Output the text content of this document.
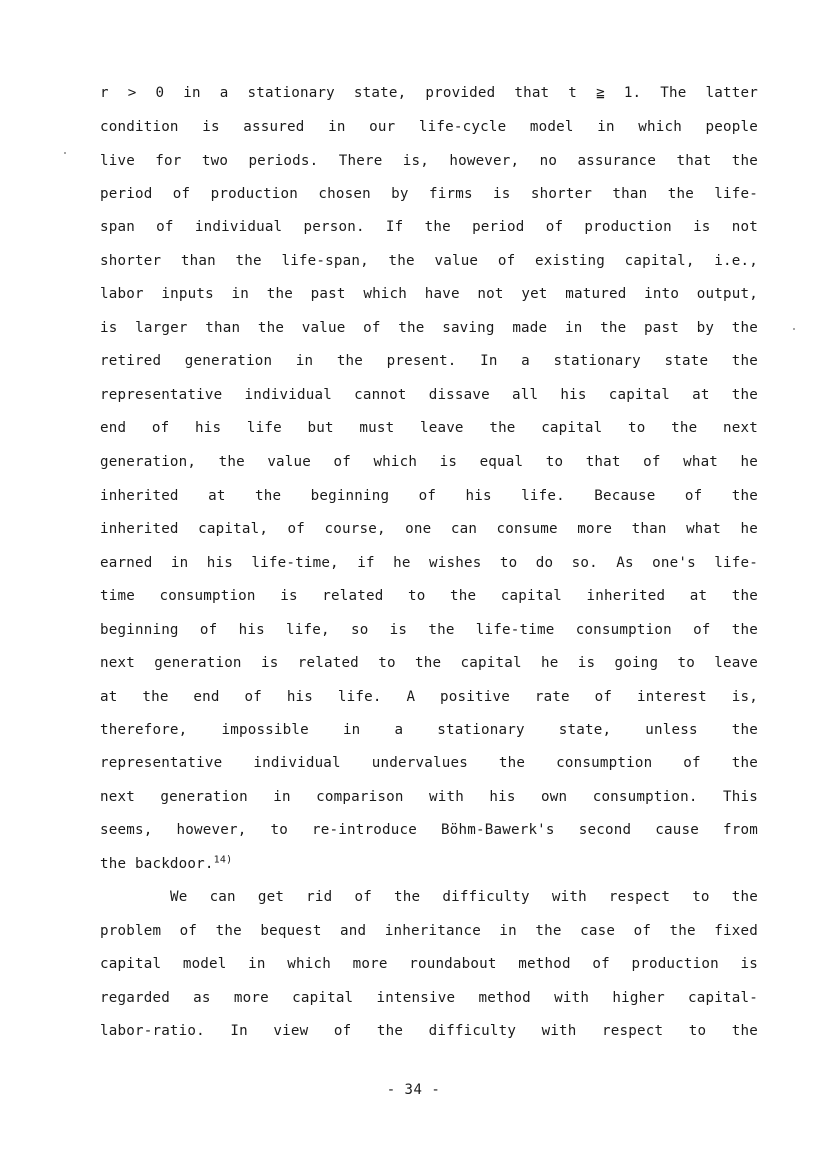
r > 0 in a stationary state, provided that t ≧ 1. The latter
condition is assured in our life-cycle model in which people
live for two periods. There is, however, no assurance that the
period of production chosen by firms is shorter than the life-
span of individual person. If the period of production is not
shorter than the life-span, the value of existing capital, i.e.,
labor inputs in the past which have not yet matured into output,
is larger than the value of the saving made in the past by the
retired generation in the present. In a stationary state the
representative individual cannot dissave all his capital at the
end of his life but must leave the capital to the next
generation, the value of which is equal to that of what he
inherited at the beginning of his life. Because of the
inherited capital, of course, one can consume more than what he
earned in his life-time, if he wishes to do so. As one's life-
time consumption is related to the capital inherited at the
beginning of his life, so is the life-time consumption of the
next generation is related to the capital he is going to leave
at the end of his life. A positive rate of interest is,
therefore, impossible in a stationary state, unless the
representative individual undervalues the consumption of the
next generation in comparison with his own consumption. This
seems, however, to re-introduce Böhm-Bawerk's second cause from
the backdoor.$^{14)}$
We can get rid of the difficulty with respect to the
problem of the bequest and inheritance in the case of the fixed
capital model in which more roundabout method of production is
regarded as more capital intensive method with higher capital-
labor-ratio. In view of the difficulty with respect to the
- 34 -
